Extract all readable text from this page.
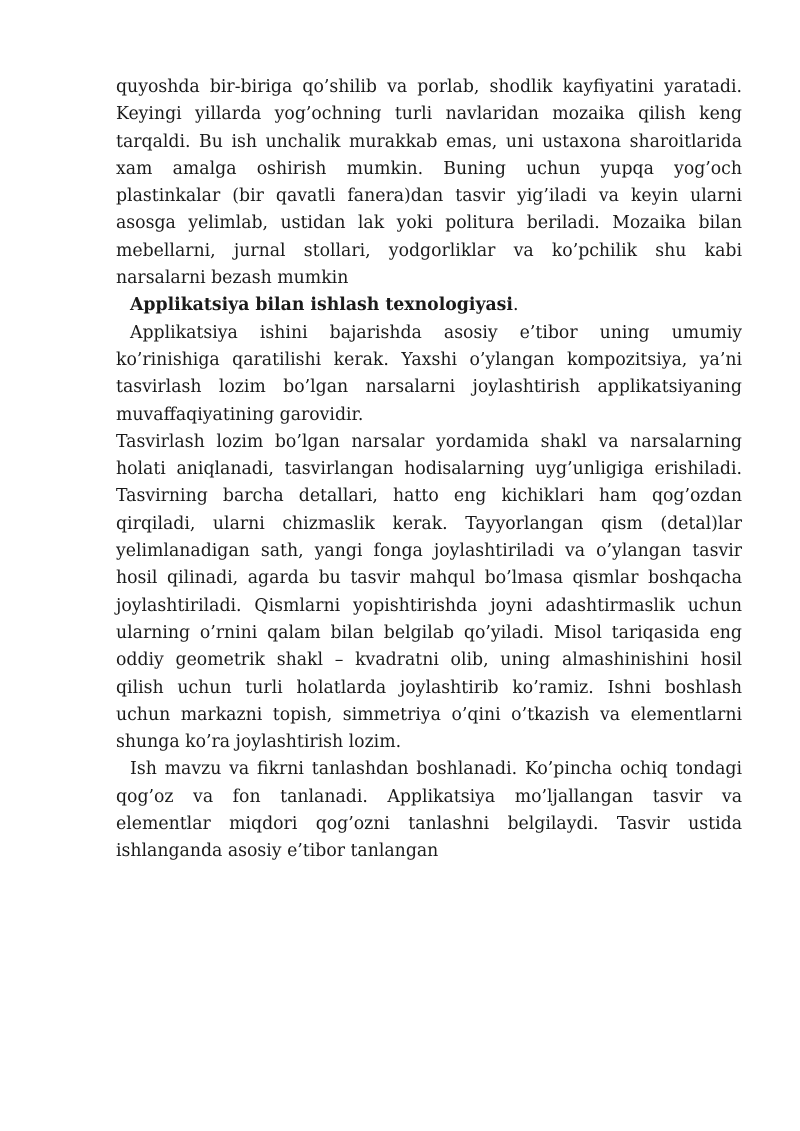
quyoshda bir-biriga qo’shilib va porlab, shodlik kayfiyatini yaratadi. Keyingi yillarda yog’ochning turli navlaridan mozaika qilish keng tarqaldi. Bu ish unchalik murakkab emas, uni ustaxona sharoitlarida xam amalga oshirish mumkin. Buning uchun yupqa yog’och plastinkalar (bir qavatli fanera)dan tasvir yig’iladi va keyin ularni asosga yelimlab, ustidan lak yoki politura beriladi. Mozaika bilan mebellarni, jurnal stollari, yodgorliklar va ko’pchilik shu kabi narsalarni bezash mumkin

Applikatsiya bilan ishlash texnologiyasi.

Applikatsiya ishini bajarishda asosiy e’tibor uning umumiy ko’rinishiga qaratilishi kerak. Yaxshi o’ylangan kompozitsiya, ya’ni tasvirlash lozim bo’lgan narsalarni joylashtirish applikatsiyaning muvaffaqiyatining garovidir.

Tasvirlash lozim bo’lgan narsalar yordamida shakl va narsalarning holati aniqlanadi, tasvirlangan hodisalarning uyg’unligiga erishiladi. Tasvirning barcha detallari, hatto eng kichiklari ham qog’ozdan qirqiladi, ularni chizmaslik kerak. Tayyorlangan qism (detal)lar yelimlanadigan sath, yangi fonga joylashtiriladi va o’ylangan tasvir hosil qilinadi, agarda bu tasvir mahqul bo’lmasa qismlar boshqacha joylashtiriladi. Qismlarni yopishtirishda joyni adashtirmaslik uchun ularning o’rnini qalam bilan belgilab qo’yiladi. Misol tariqasida eng oddiy geometrik shakl – kvadratni olib, uning almashinishini hosil qilish uchun turli holatlarda joylashtirib ko’ramiz. Ishni boshlash uchun markazni topish, simmetriya o’qini o’tkazish va elementlarni shunga ko’ra joylashtirish lozim.

Ish mavzu va fikrni tanlashdan boshlanadi. Ko’pincha ochiq tondagi qog’oz va fon tanlanadi. Applikatsiya mo’ljallangan tasvir va elementlar miqdori qog’ozni tanlashni belgilaydi. Tasvir ustida ishlanganda asosiy e’tibor tanlangan
